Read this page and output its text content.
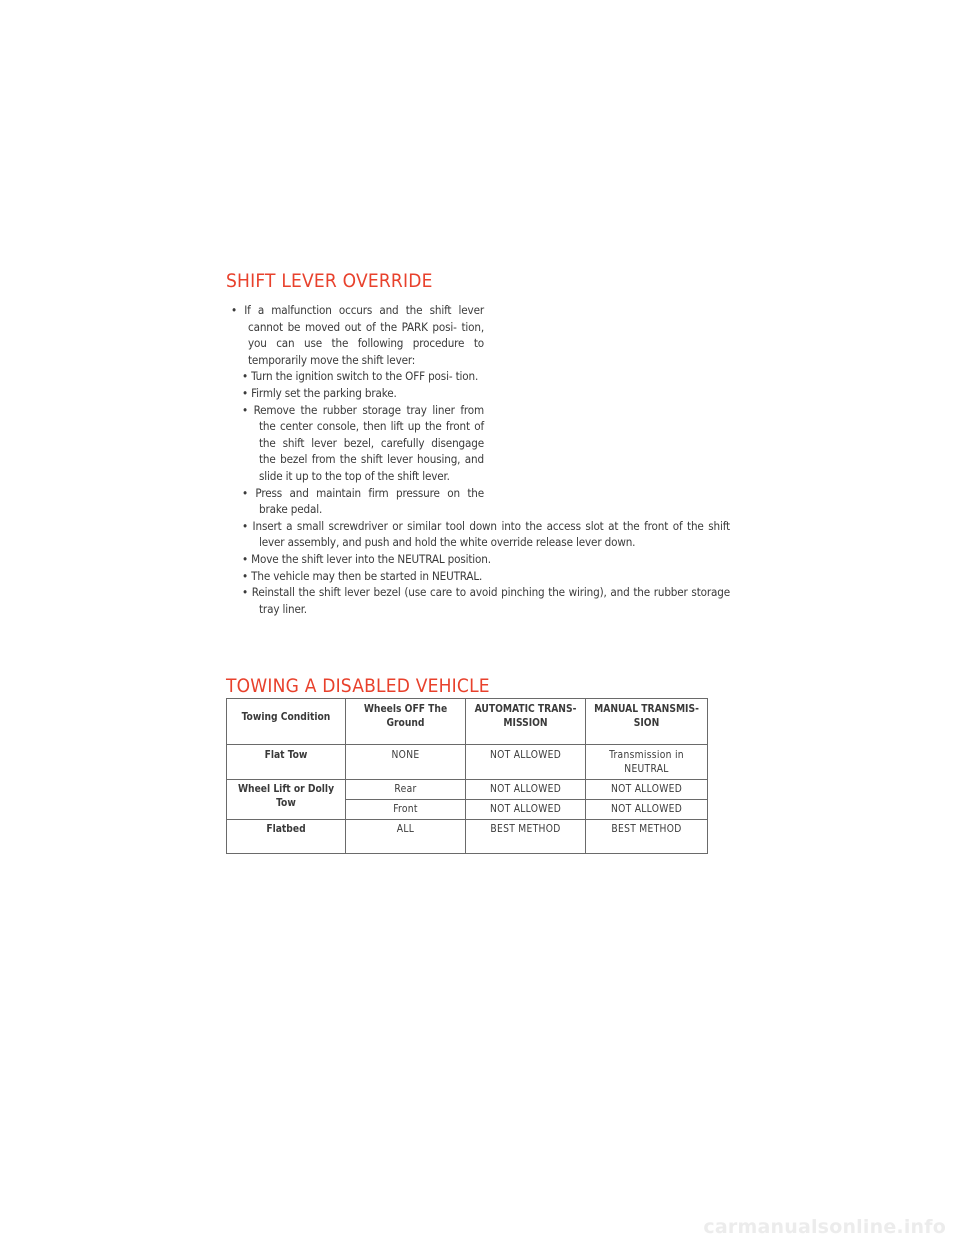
SHIFT LEVER OVERRIDE
• If a malfunction occurs and the shift lever cannot be moved out of the PARK posi- tion, you can use the following procedure to temporarily move the shift lever:
• Turn the ignition switch to the OFF posi- tion.
• Firmly set the parking brake.
• Remove the rubber storage tray liner from the center console, then lift up the front of the shift lever bezel, carefully disengage the bezel from the shift lever housing, and slide it up to the top of the shift lever.
• Press and maintain firm pressure on the brake pedal.
• Insert a small screwdriver or similar tool down into the access slot at the front of the shift lever assembly, and push and hold the white override release lever down.
• Move the shift lever into the NEUTRAL position.
• The vehicle may then be started in NEUTRAL.
• Reinstall the shift lever bezel (use care to avoid pinching the wiring), and the rubber storage tray liner.
TOWING A DISABLED VEHICLE
Towing Condition	Wheels OFF The Ground	AUTOMATIC TRANS- MISSION	MANUAL TRANSMIS- SION
Flat Tow	NONE	NOT ALLOWED	Transmission in NEUTRAL
Wheel Lift or Dolly Tow	Rear	NOT ALLOWED	NOT ALLOWED
	Front	NOT ALLOWED	NOT ALLOWED
Flatbed	ALL	BEST METHOD	BEST METHOD
carmanualsonline.info
